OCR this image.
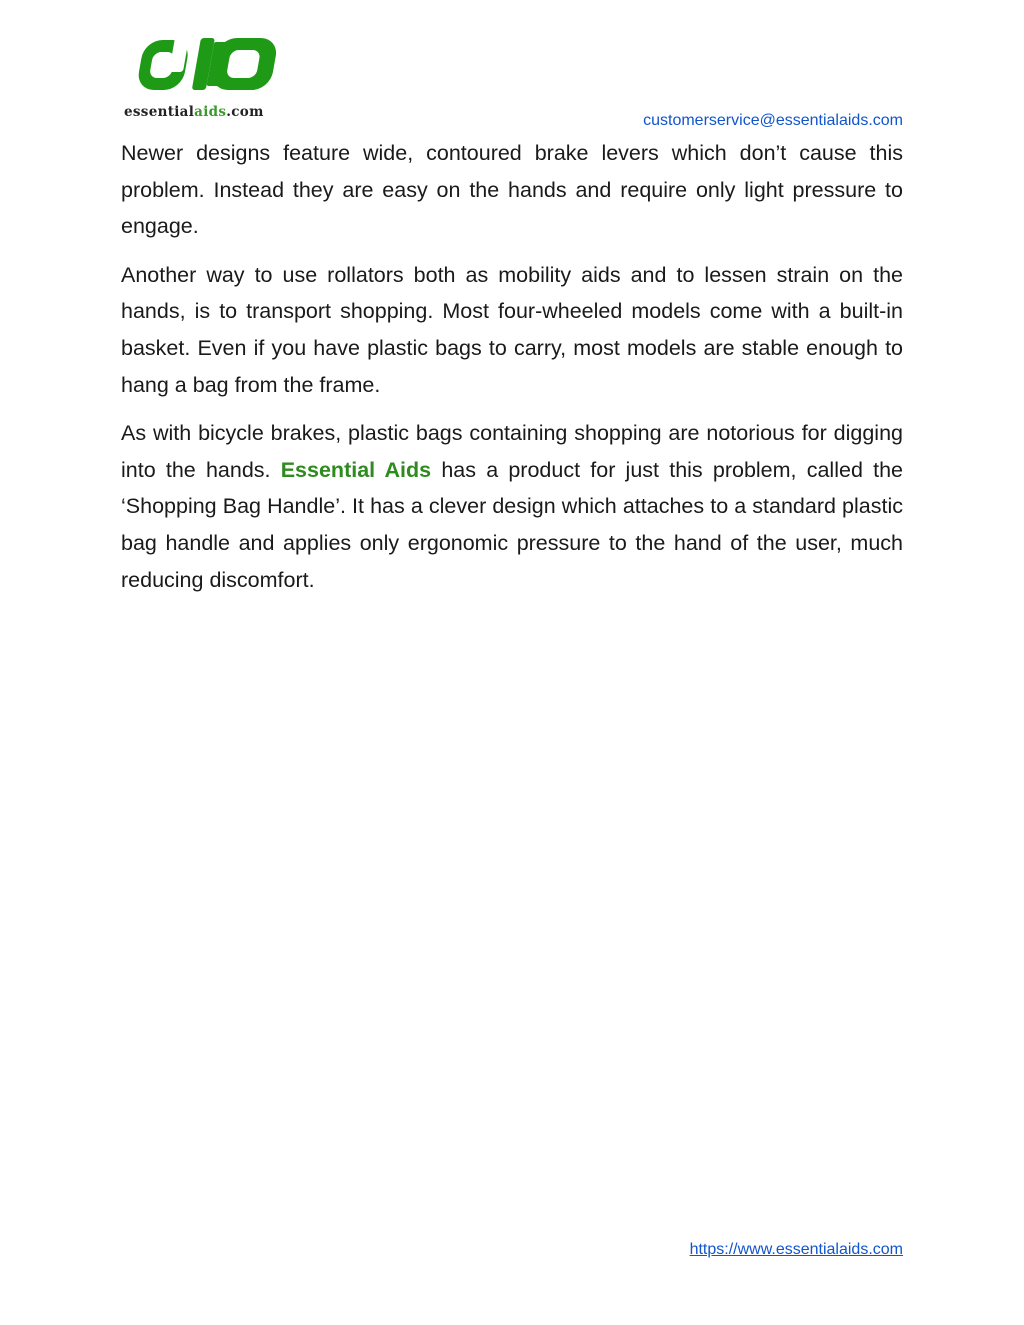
essentialaids.com	customerservice@essentialaids.com

Newer designs feature wide, contoured brake levers which don’t cause this problem. Instead they are easy on the hands and require only light pressure to engage.

Another way to use rollators both as mobility aids and to lessen strain on the hands, is to transport shopping. Most four-wheeled models come with a built-in basket. Even if you have plastic bags to carry, most models are stable enough to hang a bag from the frame.

As with bicycle brakes, plastic bags containing shopping are notorious for digging into the hands. Essential Aids has a product for just this problem, called the ‘Shopping Bag Handle’. It has a clever design which attaches to a standard plastic bag handle and applies only ergonomic pressure to the hand of the user, much reducing discomfort.

https://www.essentialaids.com
